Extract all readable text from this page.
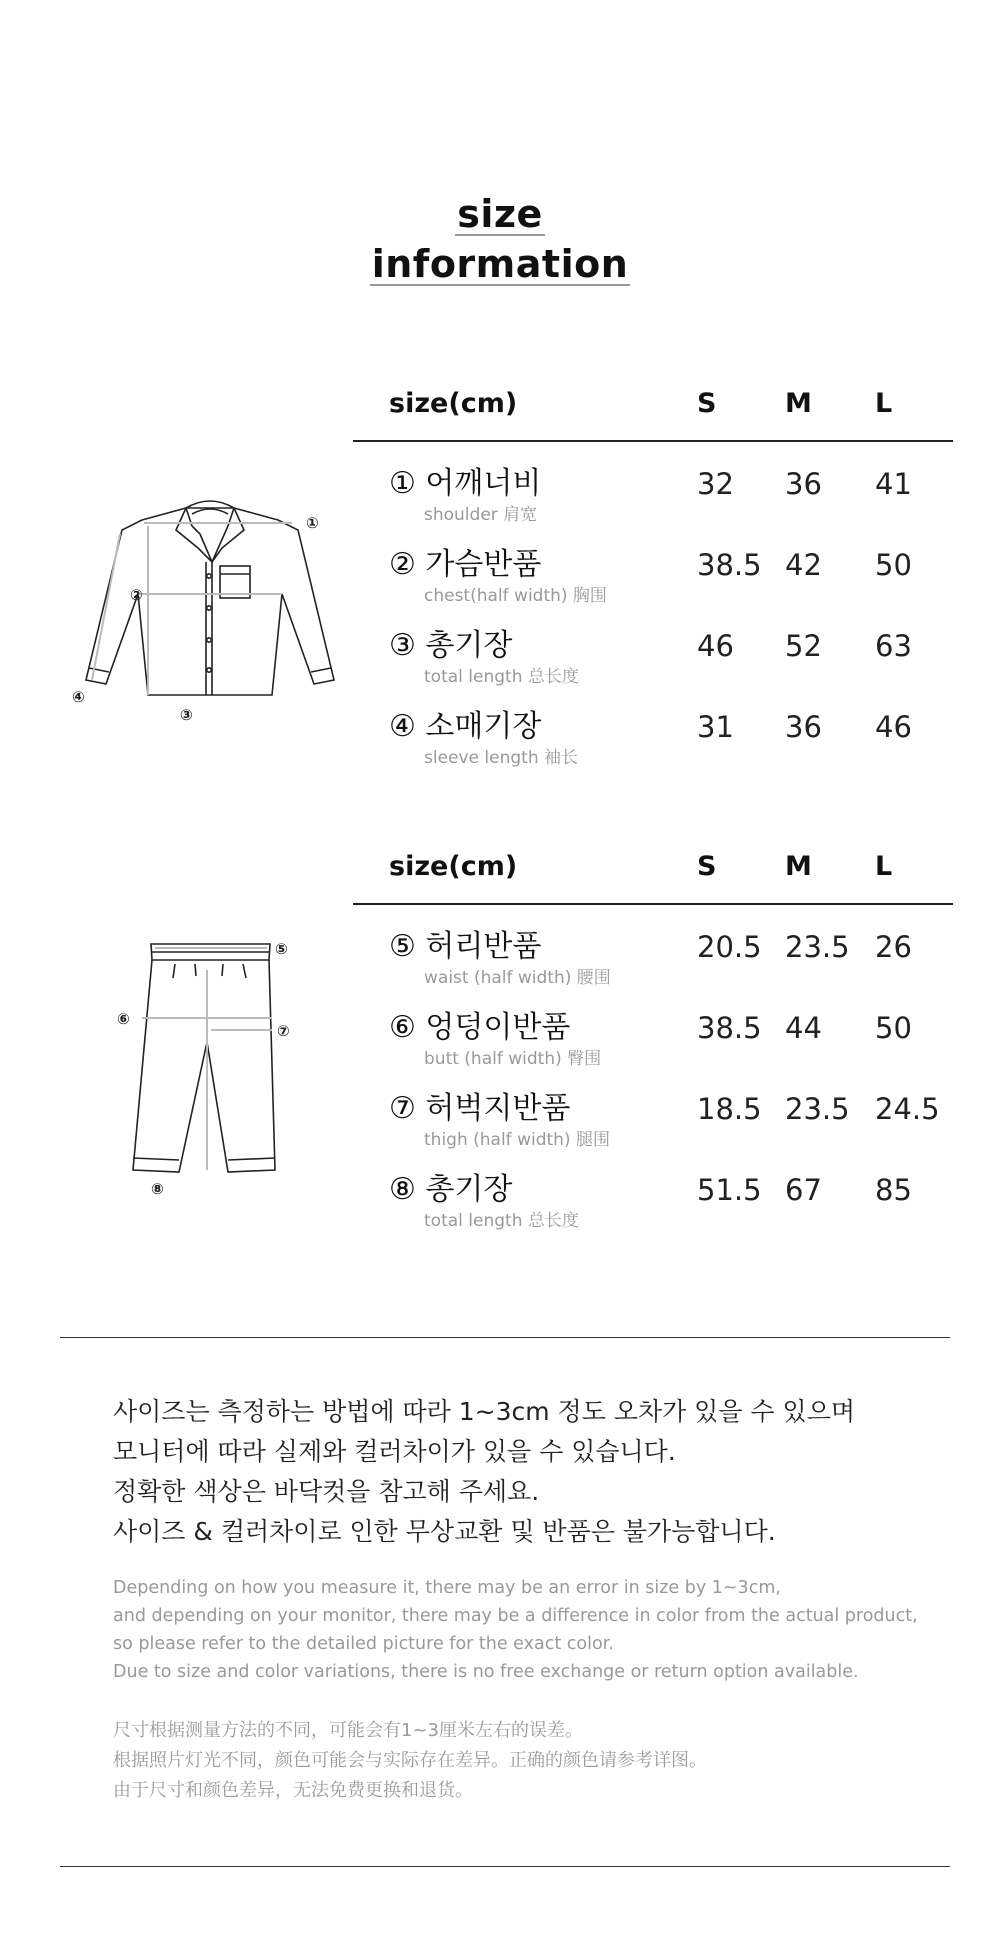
size
information
①
②
③
④
size(cm)	S	M L
① 어깨너비
shoulder 肩宽
32 36 41
② 가슴반품
chest(half width) 胸围
38.5 42 50
③ 총기장
total length 总长度
46 52 63
④ 소매기장
sleeve length 袖长
31 36 46
⑤
⑥
⑦
⑧
size(cm)	S	M L
⑤ 허리반품
waist (half width) 腰围
20.5 23.5 26
⑥ 엉덩이반품
butt (half width) 臀围
38.5 44 50
⑦ 허벅지반품
thigh (half width) 腿围
18.5 23.5 24.5
⑧ 총기장
total length 总长度
51.5 67 85

사이즈는 측정하는 방법에 따라 1~3cm 정도 오차가 있을 수 있으며

모니터에 따라 실제와 컬러차이가 있을 수 있습니다.

정확한 색상은 바닥컷을 참고해 주세요.

사이즈 & 컬러차이로 인한 무상교환 및 반품은 불가능합니다.

Depending on how you measure it, there may be an error in size by 1~3cm,

and depending on your monitor, there may be a difference in color from the actual product,

so please refer to the detailed picture for the exact color.

Due to size and color variations, there is no free exchange or return option available.

尺寸根据测量方法的不同，可能会有1~3厘米左右的误差。

根据照片灯光不同，颜色可能会与实际存在差异。正确的颜色请参考详图。

由于尺寸和颜色差异，无法免费更换和退货。
